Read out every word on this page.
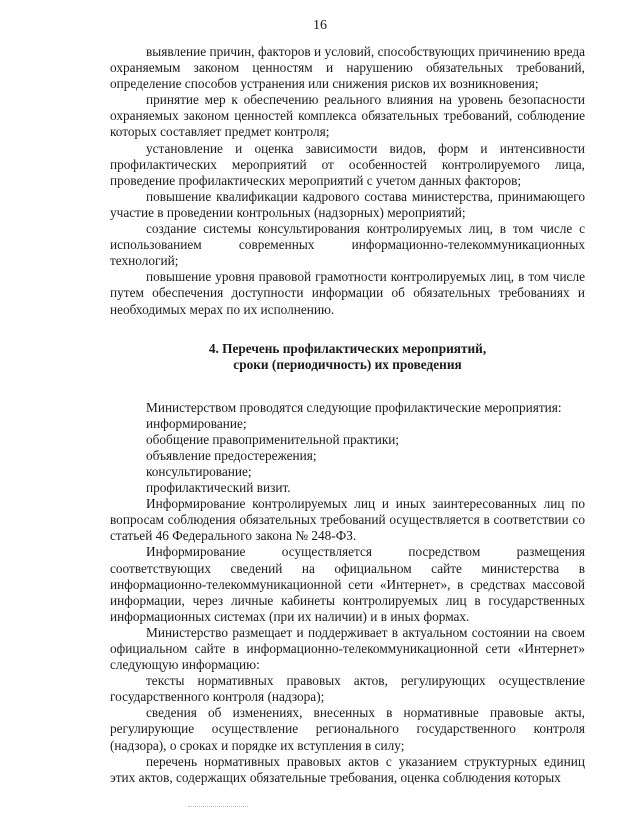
16

выявление причин, факторов и условий, способствующих причинению вреда охраняемым законом ценностям и нарушению обязательных требований, определение способов устранения или снижения рисков их возникновения;

принятие мер к обеспечению реального влияния на уровень безопасности охраняемых законом ценностей комплекса обязательных требований, соблюдение которых составляет предмет контроля;

установление и оценка зависимости видов, форм и интенсивности профилактических мероприятий от особенностей контролируемого лица, проведение профилактических мероприятий с учетом данных факторов;

повышение квалификации кадрового состава министерства, принимающего участие в проведении контрольных (надзорных) мероприятий;

создание системы консультирования контролируемых лиц, в том числе с использованием современных информационно-телекоммуникационных технологий;

повышение уровня правовой грамотности контролируемых лиц, в том числе путем обеспечения доступности информации об обязательных требованиях и необходимых мерах по их исполнению.

4. Перечень профилактических мероприятий,
сроки (периодичность) их проведения

Министерством проводятся следующие профилактические мероприятия:

информирование;

обобщение правоприменительной практики;

объявление предостережения;

консультирование;

профилактический визит.

Информирование контролируемых лиц и иных заинтересованных лиц по вопросам соблюдения обязательных требований осуществляется в соответствии со статьей 46 Федерального закона № 248-ФЗ.

Информирование осуществляется посредством размещения соответствующих сведений на официальном сайте министерства в информационно-телекоммуникационной сети «Интернет», в средствах массовой информации, через личные кабинеты контролируемых лиц в государственных информационных системах (при их наличии) и в иных формах.

Министерство размещает и поддерживает в актуальном состоянии на своем официальном сайте в информационно-телекоммуникационной сети «Интернет» следующую информацию:

тексты нормативных правовых актов, регулирующих осуществление государственного контроля (надзора);

сведения об изменениях, внесенных в нормативные правовые акты, регулирующие осуществление регионального государственного контроля (надзора), о сроках и порядке их вступления в силу;

перечень нормативных правовых актов с указанием структурных единиц этих актов, содержащих обязательные требования, оценка соблюдения которых
